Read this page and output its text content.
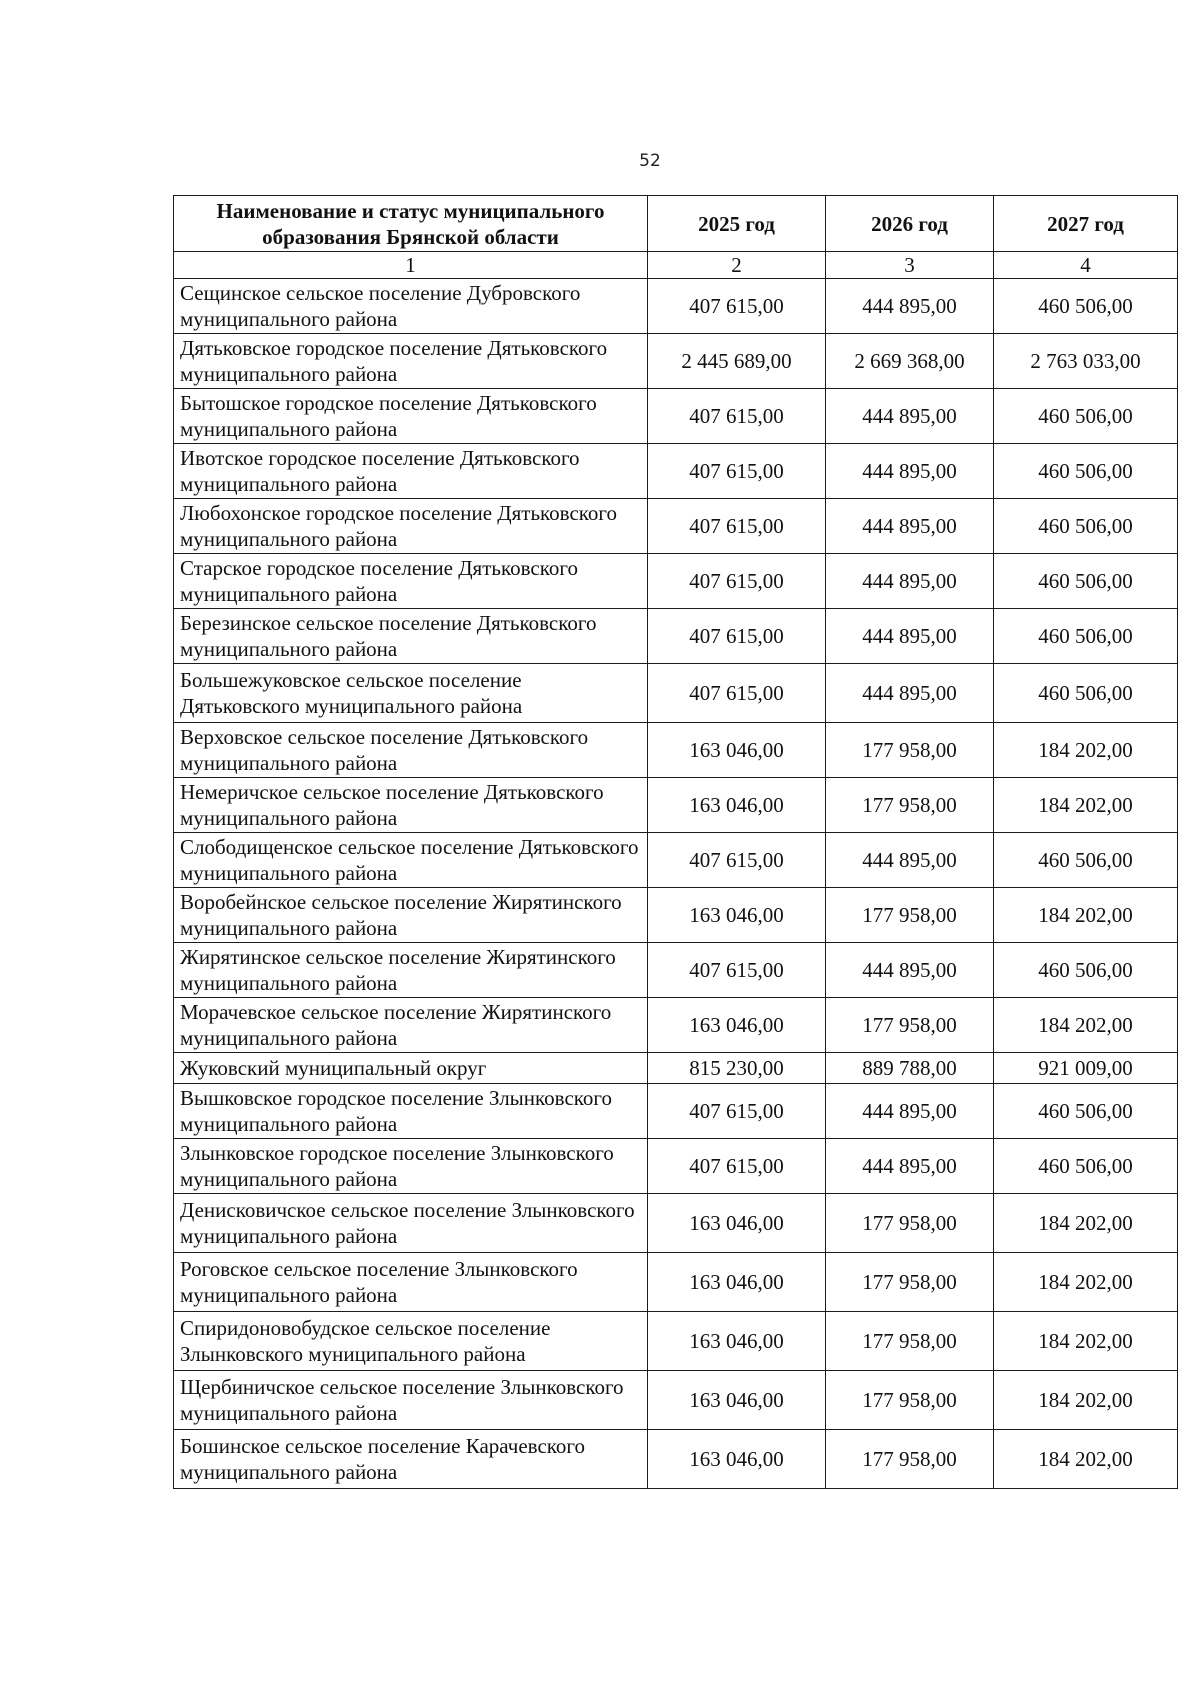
52
Наименование и статус муниципального образования Брянской области	2025 год	2026 год	2027 год
1	2	3	4
Сещинское сельское поселение Дубровского муниципального района	407 615,00	444 895,00	460 506,00
Дятьковское городское поселение Дятьковского муниципального района	2 445 689,00	2 669 368,00	2 763 033,00
Бытошское городское поселение Дятьковского муниципального района	407 615,00	444 895,00	460 506,00
Ивотское городское поселение Дятьковского муниципального района	407 615,00	444 895,00	460 506,00
Любохонское городское поселение Дятьковского муниципального района	407 615,00	444 895,00	460 506,00
Старское городское поселение Дятьковского муниципального района	407 615,00	444 895,00	460 506,00
Березинское сельское поселение Дятьковского муниципального района	407 615,00	444 895,00	460 506,00
Большежуковское сельское поселение Дятьковского муниципального района	407 615,00	444 895,00	460 506,00
Верховское сельское поселение Дятьковского муниципального района	163 046,00	177 958,00	184 202,00
Немеричское сельское поселение Дятьковского муниципального района	163 046,00	177 958,00	184 202,00
Слободищенское сельское поселение Дятьковского муниципального района	407 615,00	444 895,00	460 506,00
Воробейнское сельское поселение Жирятинского муниципального района	163 046,00	177 958,00	184 202,00
Жирятинское сельское поселение Жирятинского муниципального района	407 615,00	444 895,00	460 506,00
Морачевское сельское поселение Жирятинского муниципального района	163 046,00	177 958,00	184 202,00
Жуковский муниципальный округ	815 230,00	889 788,00	921 009,00
Вышковское городское поселение Злынковского муниципального района	407 615,00	444 895,00	460 506,00
Злынковское городское поселение Злынковского муниципального района	407 615,00	444 895,00	460 506,00
Денисковичское сельское поселение Злынковского муниципального района	163 046,00	177 958,00	184 202,00
Роговское сельское поселение Злынковского муниципального района	163 046,00	177 958,00	184 202,00
Спиридоновобудское сельское поселение Злынковского муниципального района	163 046,00	177 958,00	184 202,00
Щербиничское сельское поселение Злынковского муниципального района	163 046,00	177 958,00	184 202,00
Бошинское сельское поселение Карачевского муниципального района	163 046,00	177 958,00	184 202,00
